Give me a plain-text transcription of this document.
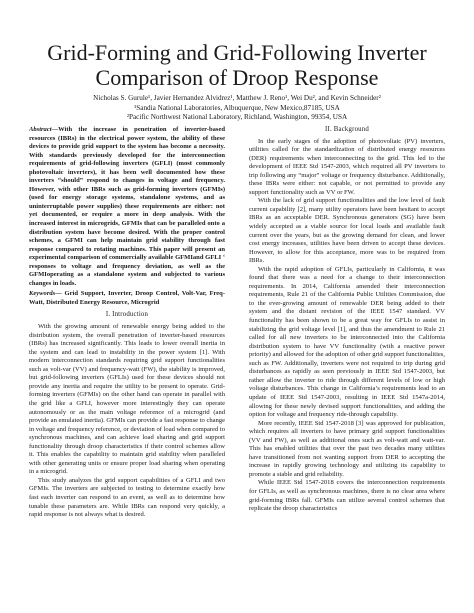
Grid-Forming and Grid-Following Inverter
Comparison of Droop Response
Nicholas S. Gurule¹, Javier Hernandez Alvidrez¹, Matthew J. Reno¹, Wei Du², and Kevin Schneider²
¹Sandia National Laboratories, Albuquerque, New Mexico,87185, USA
²Pacific Northwest National Laboratory, Richland, Washington, 99354, USA

Abstract—With the increase in penetration of inverter-based resources (IBRs) in the electrical power system, the ability of these devices to provide grid support to the system has become a necessity. With standards previously developed for the interconnection requirements of grid-following inverters (GFLI) (most commonly photovoltaic inverters), it has been well documented how these inverters “should” respond to changes in voltage and frequency. However, with other IBRs such as grid-forming inverters (GFMIs) (used for energy storage systems, standalone systems, and as uninterruptable power supplies) these requirements are either: not yet documented, or require a more in deep analysis. With the increased interest in microgrids, GFMIs that can be paralleled onto a distribution system have become desired. With the proper control schemes, a GFMI can help maintain grid stability through fast response compared to rotating machines. This paper will present an experimental comparison of commercially available GFMIand GFLI ‘ responses to voltage and frequency deviation, as well as the GFMIoperating as a standalone system and subjected to various changes in loads.

Keywords— Grid Support, Inverter, Droop Control, Volt-Var, Freq-Watt, Distributed Energy Resource, Microgrid

I. Introduction

With the growing amount of renewable energy being added to the distribution system, the overall penetration of inverter-based resources (IBRs) has increased significantly. This leads to lower overall inertia in the system and can lead to instability in the power system [1]. With modern interconnection standards requiring grid support functionalities such as volt-var (VV) and frequency-watt (FW), the stability is improved, but grid-following inverters (GFLIs) used for these devices should not provide any inertia and require the utility to be present to operate. Grid-forming inverters (GFMIs) on the other hand can operate in parallel with the grid like a GFLI, however more interestingly they can operate autonomously or as the main voltage reference of a microgrid (and provide an emulated inertia). GFMIs can provide a fast response to change in voltage and frequency reference, or deviation of load when compared to synchronous machines, and can achieve load sharing and grid support functionality through droop characteristics if their control schemes allow it. This enables the capability to maintain grid stability when paralleled with other generating units or ensure proper load sharing when operating in a microgrid.

This study analyzes the grid support capabilities of a GFLI and two GFMIs. The inverters are subjected to testing to determine exactly how fast each inverter can respond to an event, as well as to determine how tunable these parameters are. While IBRs can respond very quickly, a rapid response is not always what is desired.

II. Background

In the early stages of the adoption of photovoltaic (PV) inverters, utilities called for the standardization of distributed energy resources (DER) requirements when interconnecting to the grid. This led to the development of IEEE Std 1547-2003, which required all PV inverters to trip following any “major” voltage or frequency disturbance. Additionally, these IBRs were either: not capable, or not permitted to provide any support functionality such as VV or FW.

With the lack of grid support functionalities and the low level of fault current capability [2], many utility operators have been hesitant to accept IBRs as an acceptable DER. Synchronous generators (SG) have been widely accepted as a viable source for local loads and available fault current over the years, but as the growing demand for clean, and lower cost energy increases, utilities have been driven to accept these devices. However, to allow for this acceptance, more was to be required from IBRs.

With the rapid adoption of GFLIs, particularly in California, it was found that there was a need for a change to their interconnection requirements. In 2014, California amended their interconnection requirements, Rule 21 of the California Public Utilities Commission, due to the ever-growing amount of renewable DER being added to their system and the distant revision of the IEEE 1547 standard. VV functionality has been shown to be a great way for GFLIs to assist in stabilizing the grid voltage level [1], and thus the amendment to Rule 21 called for all new inverters to be interconnected into the California distribution system to have VV functionality (with a reactive power priority) and allowed for the adoption of other grid support functionalities, such as FW. Additionally, inverters were not required to trip during grid disturbances as rapidly as seen previously in IEEE Std 1547-2003, but rather allow the inverter to ride through different levels of low or high voltage disturbances. This change in California’s requirements lead to an update of IEEE Std 1547-2003, resulting in IEEE Std 1547a-2014, allowing for these newly devised support functionalities, and adding the option for voltage and frequency ride-through capability.

More recently, IEEE Std 1547-2018 [3] was approved for publication, which requires all inverters to have primary grid support functionalities (VV and FW), as well as additional ones such as volt-watt and watt-var. This has enabled utilities that over the past two decades many utilities have transitioned from not wanting support from DER to accepting the increase in rapidly growing technology and utilizing its capability to promote a stable and grid reliability.

While IEEE Std 1547-2018 covers the interconnection requirements for GFLIs, as well as synchronous machines, there is no clear area where grid-forming IBRs fall. GFMIs can utilize several control schemes that replicate the droop characteristics
